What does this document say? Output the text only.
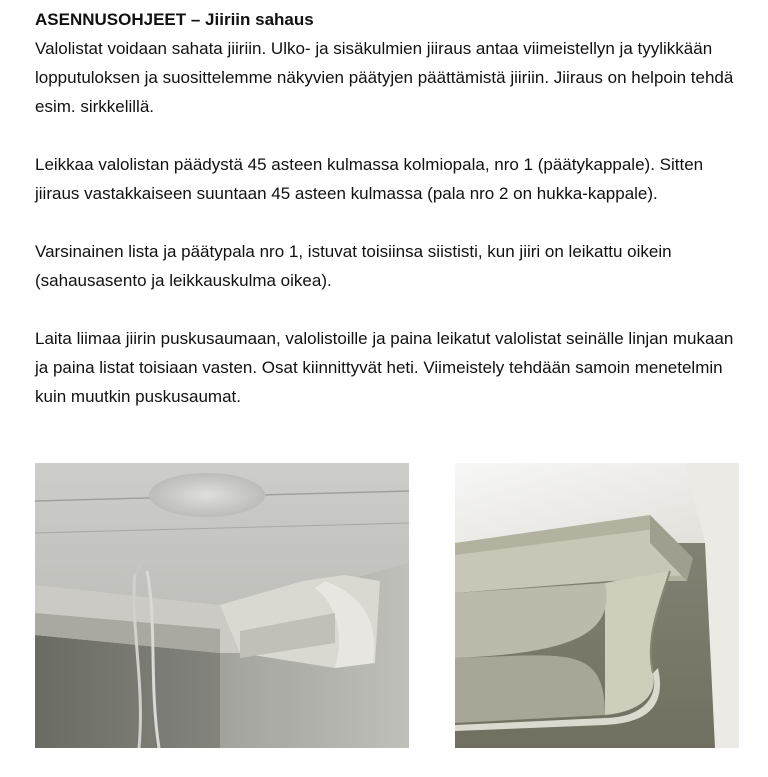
ASENNUSOHJEET – Jiiriin sahaus

Valolistat voidaan sahata jiiriin. Ulko- ja sisäkulmien jiiraus antaa viimeistellyn ja tyylikkään lopputuloksen ja suosittelemme näkyvien päätyjen päättämistä jiiriin. Jiiraus on helpoin tehdä esim. sirkkelillä.

Leikkaa valolistan päädystä 45 asteen kulmassa kolmiopala, nro 1 (päätykappale). Sitten jiiraus vastakkaiseen suuntaan 45 asteen kulmassa (pala nro 2 on hukka-kappale).

Varsinainen lista ja päätypala nro 1, istuvat toisiinsa siististi, kun jiiri on leikattu oikein (sahausasento ja leikkauskulma oikea).

Laita liimaa jiirin puskusaumaan, valolistoille ja paina leikatut valolistat seinälle linjan mukaan ja paina listat toisiaan vasten. Osat kiinnittyvät heti. Viimeistely tehdään samoin menetelmin kuin muutkin puskusaumat.
